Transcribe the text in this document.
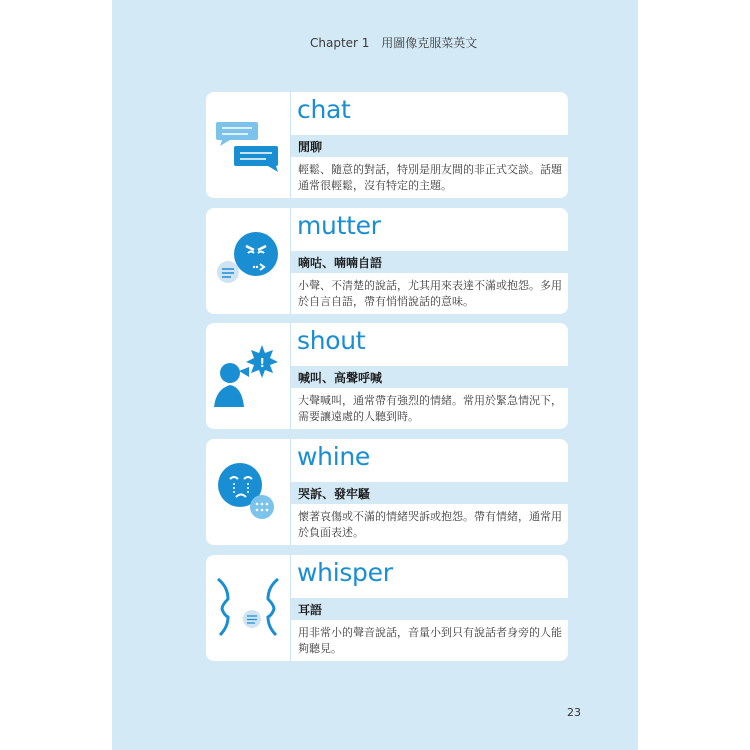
Chapter 1 用圖像克服菜英文
chat
閒聊
輕鬆、隨意的對話，特別是朋友間的非正式交談。話題通常很輕鬆，沒有特定的主題。
mutter
嘀咕、喃喃自語
小聲、不清楚的說話，尤其用來表達不滿或抱怨。多用於自言自語，帶有悄悄說話的意味。
!
shout
喊叫、高聲呼喊
大聲喊叫，通常帶有強烈的情緒。常用於緊急情況下，需要讓遠處的人聽到時。
whine
哭訴、發牢騷
懷著哀傷或不滿的情緒哭訴或抱怨。帶有情緒，通常用於負面表述。
whisper
耳語
用非常小的聲音說話，音量小到只有說話者身旁的人能夠聽見。
23
